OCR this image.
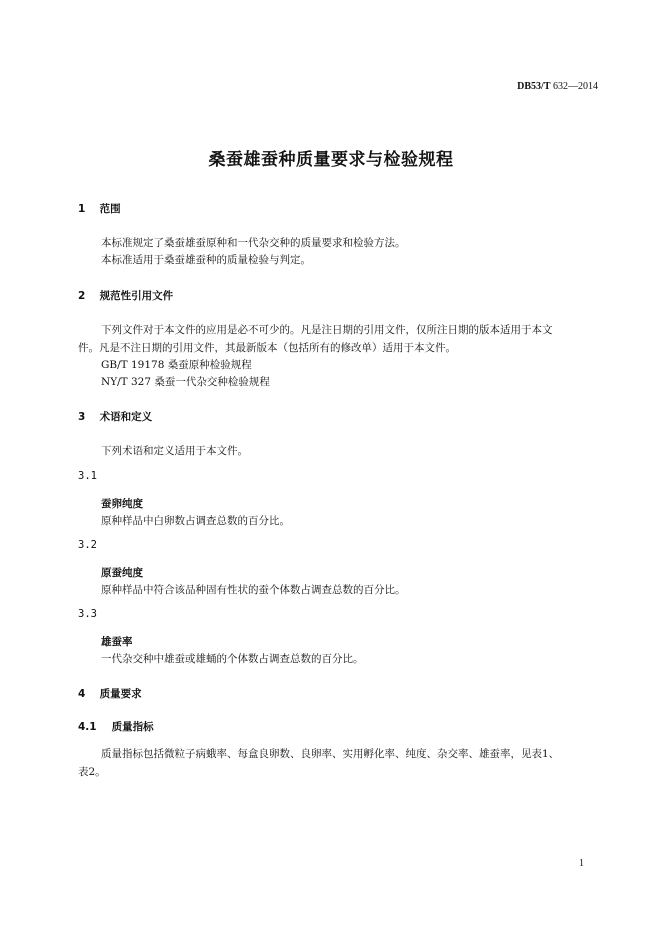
DB53/T 632—2014
桑蚕雄蚕种质量要求与检验规程
1 范围
本标准规定了桑蚕雄蚕原种和一代杂交种的质量要求和检验方法。
本标准适用于桑蚕雄蚕种的质量检验与判定。
2 规范性引用文件
下列文件对于本文件的应用是必不可少的。凡是注日期的引用文件，仅所注日期的版本适用于本文
件。凡是不注日期的引用文件，其最新版本（包括所有的修改单）适用于本文件。
GB/T 19178 桑蚕原种检验规程
NY/T 327 桑蚕一代杂交种检验规程
3 术语和定义
下列术语和定义适用于本文件。
3.1
蚕卵纯度
原种样品中白卵数占调查总数的百分比。
3.2
原蚕纯度
原种样品中符合该品种固有性状的蚕个体数占调查总数的百分比。
3.3
雄蚕率
一代杂交种中雄蚕或雄蛹的个体数占调查总数的百分比。
4 质量要求
4.1 质量指标
质量指标包括微粒子病蛾率、每盒良卵数、良卵率、实用孵化率、纯度、杂交率、雄蚕率，见表1、
表2。
1
